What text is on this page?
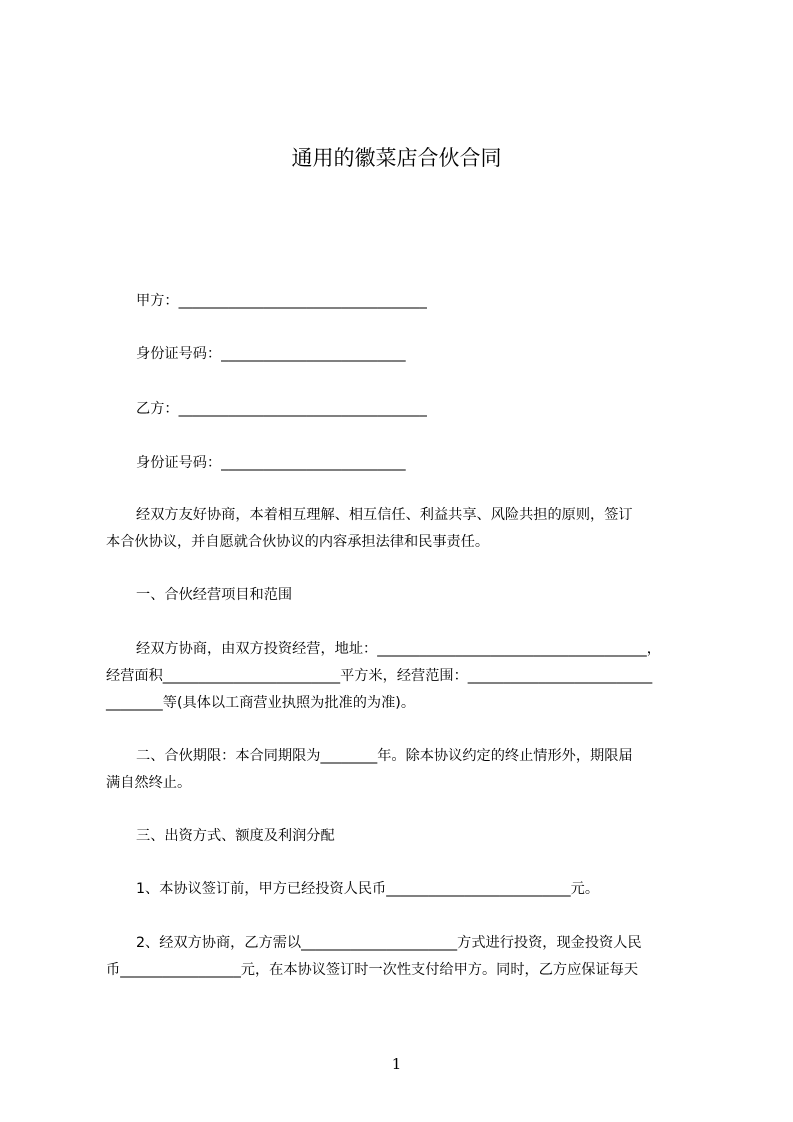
通用的徽菜店合伙合同
甲方：___________________________________
身份证号码：__________________________
乙方：___________________________________
身份证号码：__________________________
经双方友好协商，本着相互理解、相互信任、利益共享、风险共担的原则，签订
本合伙协议，并自愿就合伙协议的内容承担法律和民事责任。
一、合伙经营项目和范围
经双方协商，由双方投资经营，地址：______________________________________，
经营面积_________________________平方米，经营范围：__________________________
________等(具体以工商营业执照为批准的为准)。
二、合伙期限：本合同期限为________年。除本协议约定的终止情形外，期限届
满自然终止。
三、出资方式、额度及利润分配
1、本协议签订前，甲方已经投资人民币__________________________元。
2、经双方协商，乙方需以______________________方式进行投资，现金投资人民
币_________________元，在本协议签订时一次性支付给甲方。同时，乙方应保证每天
1
